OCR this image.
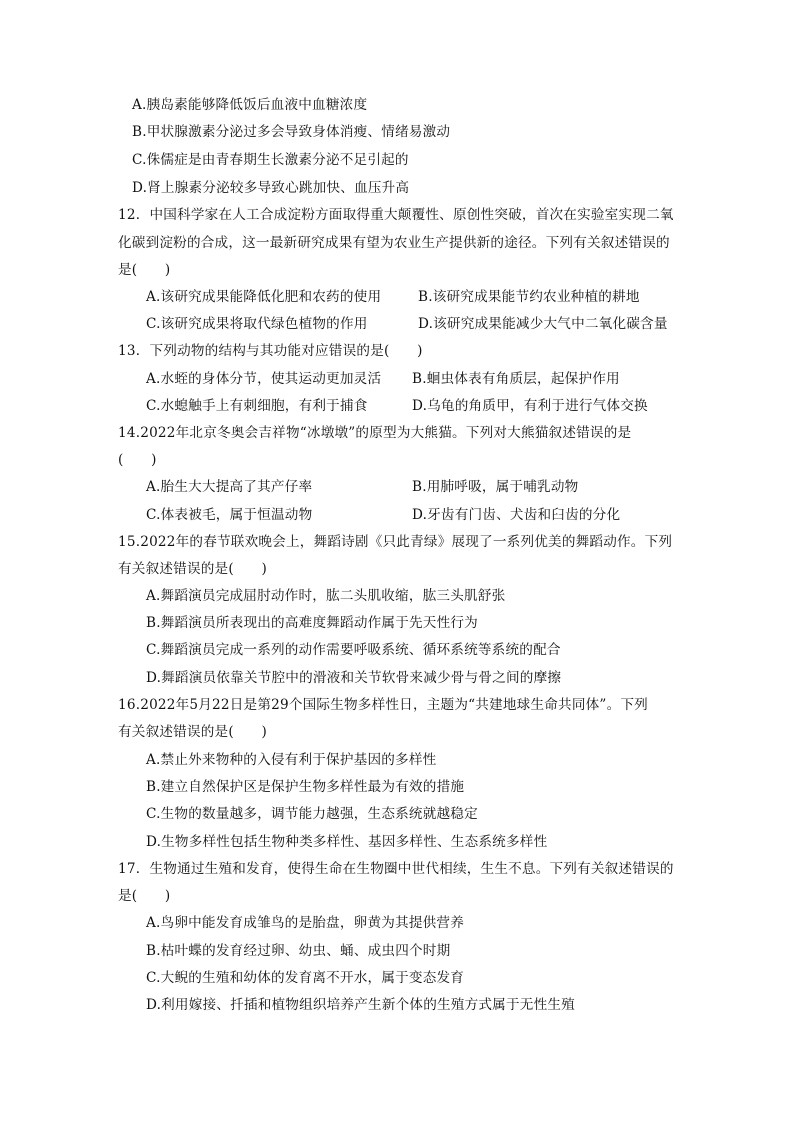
A.胰岛素能够降低饭后血液中血糖浓度
B.甲状腺激素分泌过多会导致身体消瘦、情绪易激动
C.侏儒症是由青春期生长激素分泌不足引起的
D.肾上腺素分泌较多导致心跳加快、血压升高
12．中国科学家在人工合成淀粉方面取得重大颠覆性、原创性突破，首次在实验室实现二氧
化碳到淀粉的合成，这一最新研究成果有望为农业生产提供新的途径。下列有关叙述错误的
是(　　)
A.该研究成果能降低化肥和农药的使用	B.该研究成果能节约农业种植的耕地
C.该研究成果将取代绿色植物的作用	D.该研究成果能减少大气中二氧化碳含量
13．下列动物的结构与其功能对应错误的是(　　)
A.水蛭的身体分节，使其运动更加灵活 B.蛔虫体表有角质层，起保护作用
C.水螅触手上有刺细胞，有利于捕食	D.乌龟的角质甲，有利于进行气体交换
14.2022年北京冬奥会吉祥物“冰墩墩”的原型为大熊猫。下列对大熊猫叙述错误的是
(　　)
A.胎生大大提高了其产仔率	B.用肺呼吸，属于哺乳动物
C.体表被毛，属于恒温动物	D.牙齿有门齿、犬齿和臼齿的分化
15.2022年的春节联欢晚会上，舞蹈诗剧《只此青绿》展现了一系列优美的舞蹈动作。下列
有关叙述错误的是(　　)
A.舞蹈演员完成屈肘动作时，肱二头肌收缩，肱三头肌舒张
B.舞蹈演员所表现出的高难度舞蹈动作属于先天性行为
C.舞蹈演员完成一系列的动作需要呼吸系统、循环系统等系统的配合
D.舞蹈演员依靠关节腔中的滑液和关节软骨来减少骨与骨之间的摩擦
16.2022年5月22日是第29个国际生物多样性日，主题为“共建地球生命共同体”。下列
有关叙述错误的是(　　)
A.禁止外来物种的入侵有利于保护基因的多样性
B.建立自然保护区是保护生物多样性最为有效的措施
C.生物的数量越多，调节能力越强，生态系统就越稳定
D.生物多样性包括生物种类多样性、基因多样性、生态系统多样性
17．生物通过生殖和发育，使得生命在生物圈中世代相续，生生不息。下列有关叙述错误的
是(　　)
A.鸟卵中能发育成雏鸟的是胎盘，卵黄为其提供营养
B.枯叶蝶的发育经过卵、幼虫、蛹、成虫四个时期
C.大鲵的生殖和幼体的发育离不开水，属于变态发育
D.利用嫁接、扦插和植物组织培养产生新个体的生殖方式属于无性生殖
